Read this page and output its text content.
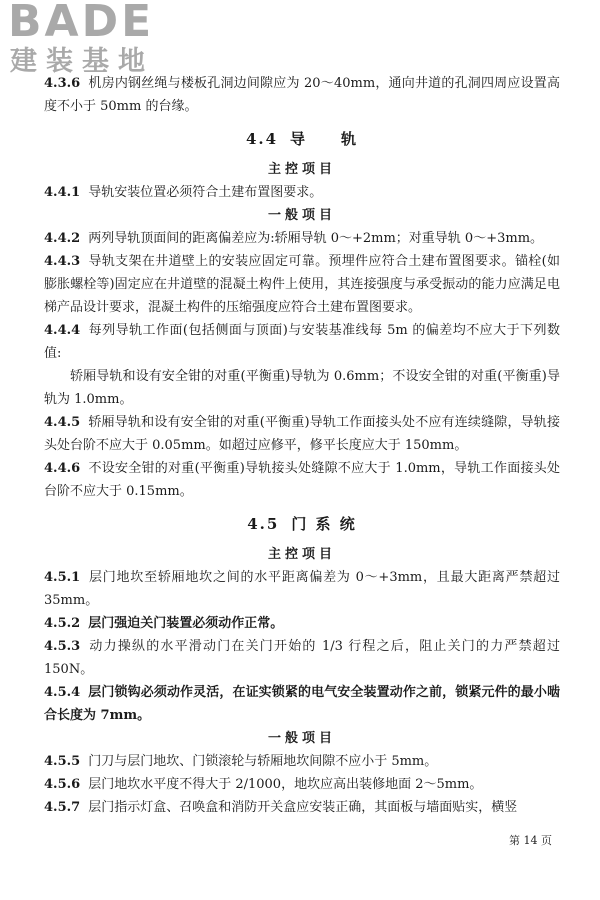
BADE
建装基地

4.3.6 机房内钢丝绳与楼板孔洞边间隙应为 20～40mm，通向井道的孔洞四周应设置高度不小于 50mm 的台缘。

4.4 导　　轨
主控项目

4.4.1 导轨安装位置必须符合土建布置图要求。

一般项目

4.4.2 两列导轨顶面间的距离偏差应为:轿厢导轨 0～+2mm；对重导轨 0～+3mm。

4.4.3 导轨支架在井道壁上的安装应固定可靠。预埋件应符合土建布置图要求。锚栓(如膨胀螺栓等)固定应在井道壁的混凝土构件上使用，其连接强度与承受振动的能力应满足电梯产品设计要求，混凝土构件的压缩强度应符合土建布置图要求。

4.4.4 每列导轨工作面(包括侧面与顶面)与安装基准线每 5m 的偏差均不应大于下列数值:

轿厢导轨和设有安全钳的对重(平衡重)导轨为 0.6mm；不设安全钳的对重(平衡重)导轨为 1.0mm。

4.4.5 轿厢导轨和设有安全钳的对重(平衡重)导轨工作面接头处不应有连续缝隙，导轨接头处台阶不应大于 0.05mm。如超过应修平，修平长度应大于 150mm。

4.4.6 不设安全钳的对重(平衡重)导轨接头处缝隙不应大于 1.0mm，导轨工作面接头处台阶不应大于 0.15mm。

4.5 门 系 统
主控项目

4.5.1 层门地坎至轿厢地坎之间的水平距离偏差为 0～+3mm，且最大距离严禁超过 35mm。

4.5.2 层门强迫关门装置必须动作正常。

4.5.3 动力操纵的水平滑动门在关门开始的 1/3 行程之后，阻止关门的力严禁超过 150N。

4.5.4 层门锁钩必须动作灵活，在证实锁紧的电气安全装置动作之前，锁紧元件的最小啮合长度为 7mm。

一般项目

4.5.5 门刀与层门地坎、门锁滚轮与轿厢地坎间隙不应小于 5mm。

4.5.6 层门地坎水平度不得大于 2/1000，地坎应高出装修地面 2～5mm。

4.5.7 层门指示灯盒、召唤盒和消防开关盒应安装正确，其面板与墙面贴实，横竖

第 14 页
